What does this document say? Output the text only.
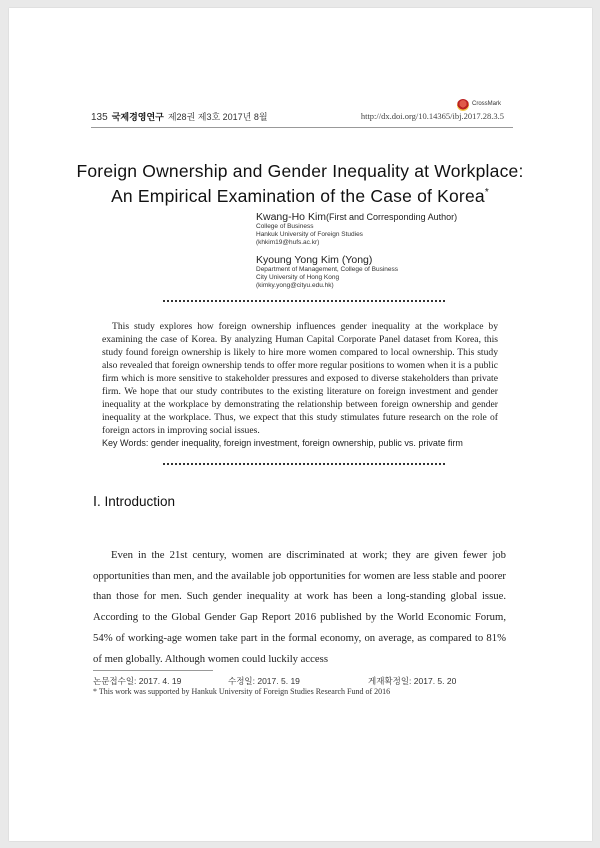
CrossMark
135 국제경영연구 제28권 제3호 2017년 8월	http://dx.doi.org/10.14365/ibj.2017.28.3.5
Foreign Ownership and Gender Inequality at Workplace:
An Empirical Examination of the Case of Korea*
Kwang-Ho Kim(First and Corresponding Author)
College of Business
Hankuk University of Foreign Studies
(khkim19@hufs.ac.kr)
Kyoung Yong Kim (Yong)
Department of Management, College of Business
City University of Hong Kong
(kimky.yong@cityu.edu.hk)
This study explores how foreign ownership influences gender inequality at the workplace by examining the case of Korea. By analyzing Human Capital Corporate Panel dataset from Korea, this study found foreign ownership is likely to hire more women compared to local ownership. This study also revealed that foreign ownership tends to offer more regular positions to women when it is a public firm which is more sensitive to stakeholder pressures and exposed to diverse stakeholders than private firm. We hope that our study contributes to the existing literature on foreign investment and gender inequality at the workplace by demonstrating the relationship between foreign ownership and gender inequality at the workplace. Thus, we expect that this study stimulates future research on the role of foreign actors in improving social issues.
Key Words: gender inequality, foreign investment, foreign ownership, public vs. private firm
Ⅰ. Introduction
Even in the 21st century, women are discriminated at work; they are given fewer job opportunities than men, and the available job opportunities for women are less stable and poorer than those for men. Such gender inequality at work has been a long-standing global issue. According to the Global Gender Gap Report 2016 published by the World Economic Forum, 54% of working-age women take part in the formal economy, on average, as compared to 81% of men globally. Although women could luckily access
논문접수일: 2017. 4. 19	수정일: 2017. 5. 19	게재확정일: 2017. 5. 20
* This work was supported by Hankuk University of Foreign Studies Research Fund of 2016
